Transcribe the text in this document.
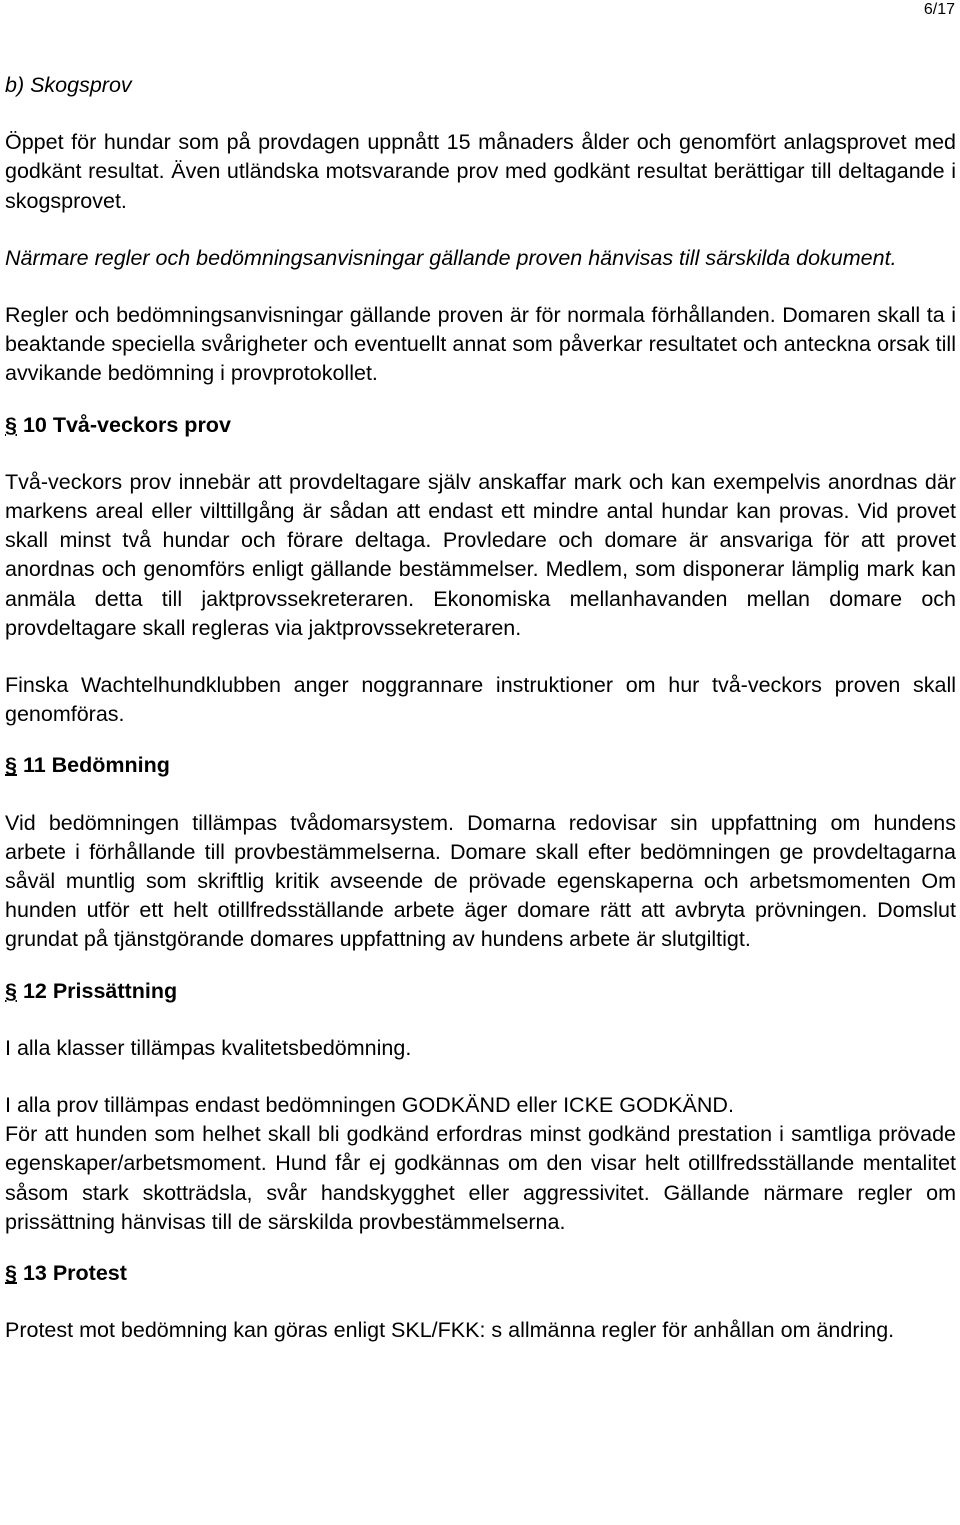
6/17

b) Skogsprov

Öppet för hundar som på provdagen uppnått 15 månaders ålder och genomfört anlagsprovet med godkänt resultat. Även utländska motsvarande prov med godkänt resultat berättigar till deltagande i skogsprovet.

Närmare regler och bedömningsanvisningar gällande proven hänvisas till särskilda dokument.

Regler och bedömningsanvisningar gällande proven är för normala förhållanden. Domaren skall ta i beaktande speciella svårigheter och eventuellt annat som påverkar resultatet och anteckna orsak till avvikande bedömning i provprotokollet.

§ 10 Två-veckors prov

Två-veckors prov innebär att provdeltagare själv anskaffar mark och kan exempelvis anordnas där markens areal eller vilttillgång är sådan att endast ett mindre antal hundar kan provas. Vid provet skall minst två hundar och förare deltaga. Provledare och domare är ansvariga för att provet anordnas och genomförs enligt gällande bestämmelser. Medlem, som disponerar lämplig mark kan anmäla detta till jaktprovssekreteraren. Ekonomiska mellanhavanden mellan domare och provdeltagare skall regleras via jaktprovssekreteraren.

Finska Wachtelhundklubben anger noggrannare instruktioner om hur två-veckors proven skall genomföras.

§ 11 Bedömning

Vid bedömningen tillämpas tvådomarsystem. Domarna redovisar sin uppfattning om hundens arbete i förhållande till provbestämmelserna. Domare skall efter bedömningen ge provdeltagarna såväl muntlig som skriftlig kritik avseende de prövade egenskaperna och arbetsmomenten Om hunden utför ett helt otillfredsställande arbete äger domare rätt att avbryta prövningen. Domslut grundat på tjänstgörande domares uppfattning av hundens arbete är slutgiltigt.

§ 12 Prissättning

I alla klasser tillämpas kvalitetsbedömning.

I alla prov tillämpas endast bedömningen GODKÄND eller ICKE GODKÄND.

För att hunden som helhet skall bli godkänd erfordras minst godkänd prestation i samtliga prövade egenskaper/arbetsmoment. Hund får ej godkännas om den visar helt otillfredsställande mentalitet såsom stark skotträdsla, svår handskygghet eller aggressivitet. Gällande närmare regler om prissättning hänvisas till de särskilda provbestämmelserna.

§ 13 Protest

Protest mot bedömning kan göras enligt SKL/FKK: s allmänna regler för anhållan om ändring.
